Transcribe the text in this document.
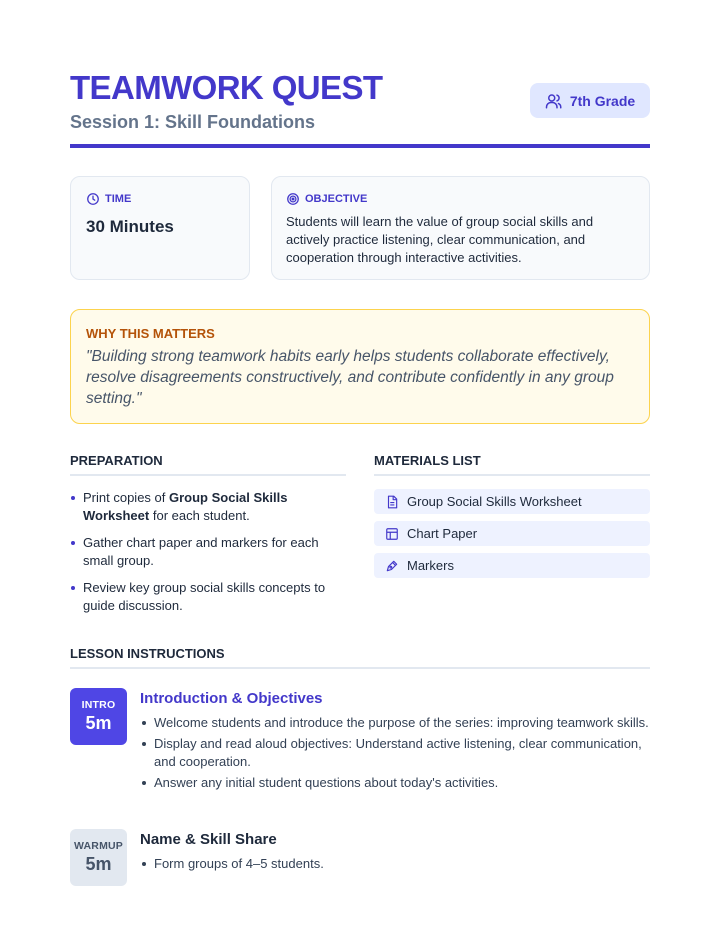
TEAMWORK QUEST
Session 1: Skill Foundations
7th Grade
TIME
30 Minutes
OBJECTIVE
Students will learn the value of group social skills and actively practice listening, clear communication, and cooperation through interactive activities.
WHY THIS MATTERS
"Building strong teamwork habits early helps students collaborate effectively, resolve disagreements constructively, and contribute confidently in any group setting."
PREPARATION
Print copies of Group Social Skills Worksheet for each student.
Gather chart paper and markers for each small group.
Review key group social skills concepts to guide discussion.
MATERIALS LIST
Group Social Skills Worksheet
Chart Paper
Markers
LESSON INSTRUCTIONS
INTRO
5m
Introduction & Objectives
Welcome students and introduce the purpose of the series: improving teamwork skills.
Display and read aloud objectives: Understand active listening, clear communication, and cooperation.
Answer any initial student questions about today's activities.
WARMUP
5m
Name & Skill Share
Form groups of 4–5 students.
